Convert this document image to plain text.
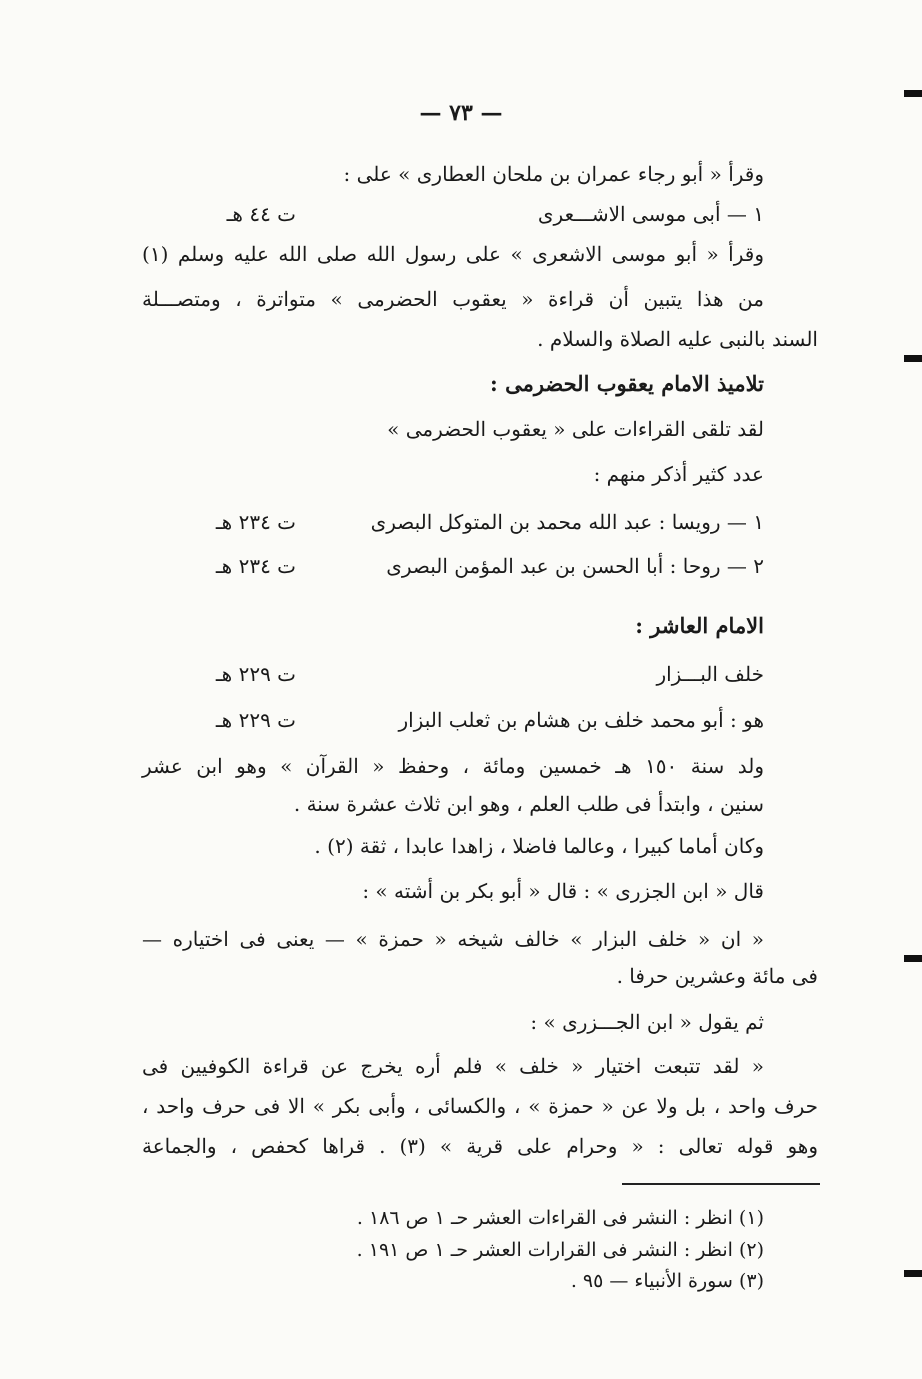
— ٧٣ —
وقرأ « أبو رجاء عمران بن ملحان العطارى » على :
١ — أبى موسى الاشـــعرى
ت ٤٤ هـ
وقرأ « أبو موسى الاشعرى » على رسول الله صلى الله عليه وسلم (١)
من هذا يتبين أن قراءة « يعقوب الحضرمى » متواترة ، ومتصـــلة
السند بالنبى عليه الصلاة والسلام .
تلاميذ الامام يعقوب الحضرمى :
لقد تلقى القراءات على « يعقوب الحضرمى »
عدد كثير أذكر منهم :
١ — رويسا : عبد الله محمد بن المتوكل البصرى
ت ٢٣٤ هـ
٢ — روحا : أبا الحسن بن عبد المؤمن البصرى
ت ٢٣٤ هـ
الامام العاشر :
خلف البـــزار
ت ٢٢٩ هـ
هو : أبو محمد خلف بن هشام بن ثعلب البزار
ت ٢٢٩ هـ
ولد سنة ١٥٠ هـ خمسين ومائة ، وحفظ « القرآن » وهو ابن عشر
سنين ، وابتدأ فى طلب العلم ، وهو ابن ثلاث عشرة سنة .
وكان أماما كبيرا ، وعالما فاضلا ، زاهدا عابدا ، ثقة (٢) .
قال « ابن الجزرى » : قال « أبو بكر بن أشته » :
« ان « خلف البزار » خالف شيخه « حمزة » — يعنى فى اختياره —
فى مائة وعشرين حرفا .
ثم يقول « ابن الجـــزرى » :
« لقد تتبعت اختيار « خلف » فلم أره يخرج عن قراءة الكوفيين فى
حرف واحد ، بل ولا عن « حمزة » ، والكسائى ، وأبى بكر » الا فى حرف واحد ،
وهو قوله تعالى : « وحرام على قرية » (٣) . قراها كحفص ، والجماعة
(١) انظر : النشر فى القراءات العشر حـ ١ ص ١٨٦ .
(٢) انظر : النشر فى القرارات العشر حـ ١ ص ١٩١ .
(٣) سورة الأنبياء — ٩٥ .
